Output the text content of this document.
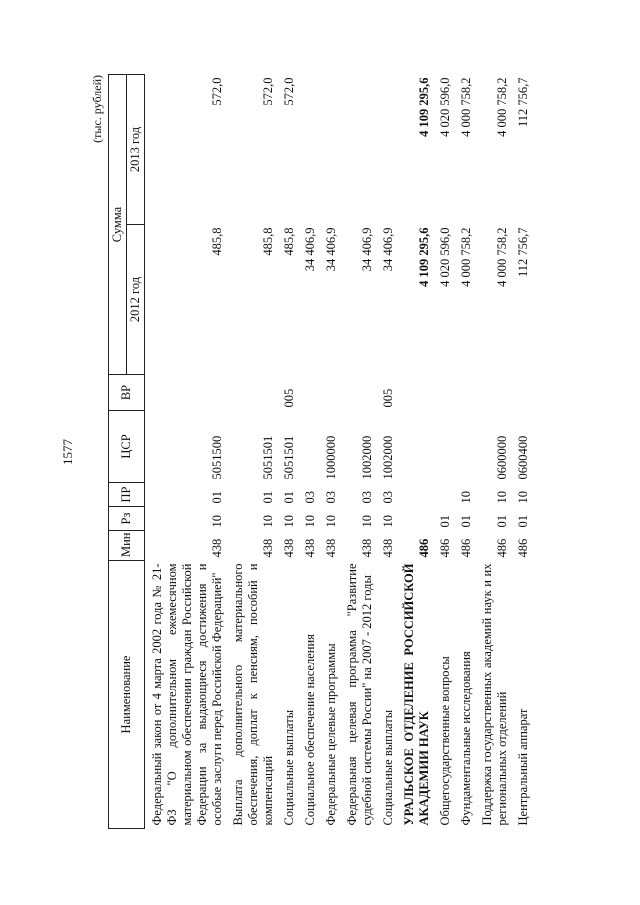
1577
(тыс. рублей)
Наименование	Мин	Рз	ПР	ЦСР	ВР	Сумма	
						2012 год	2013 год
Федеральный закон от 4 марта 2002 года № 21-ФЗ "О дополнительном ежемесячном материальном обеспечении граждан Российской Федерации за выдающиеся достижения и особые заслуги перед Российской Федерацией"	438	10	01	5051500		485,8	572,0
Выплата дополнительного материального обеспечения, доплат к пенсиям, пособий и компенсаций	438	10	01	5051501		485,8	572,0
Социальные выплаты	438	10	01	5051501	005	485,8	572,0
Социальное обеспечение населения	438	10	03			34 406,9	
Федеральные целевые программы	438	10	03	1000000		34 406,9	
Федеральная целевая программа "Развитие судебной системы России" на 2007 - 2012 годы	438	10	03	1002000		34 406,9	
Социальные выплаты	438	10	03	1002000	005	34 406,9	
УРАЛЬСКОЕ ОТДЕЛЕНИЕ РОССИЙСКОЙ АКАДЕМИИ НАУК	486					4 109 295,6	4 109 295,6
Общегосударственные вопросы	486	01				4 020 596,0	4 020 596,0
Фундаментальные исследования	486	01	10			4 000 758,2	4 000 758,2
Поддержка государственных академий наук и их региональных отделений	486	01	10	0600000		4 000 758,2	4 000 758,2
Центральный аппарат	486	01	10	0600400		112 756,7	112 756,7
